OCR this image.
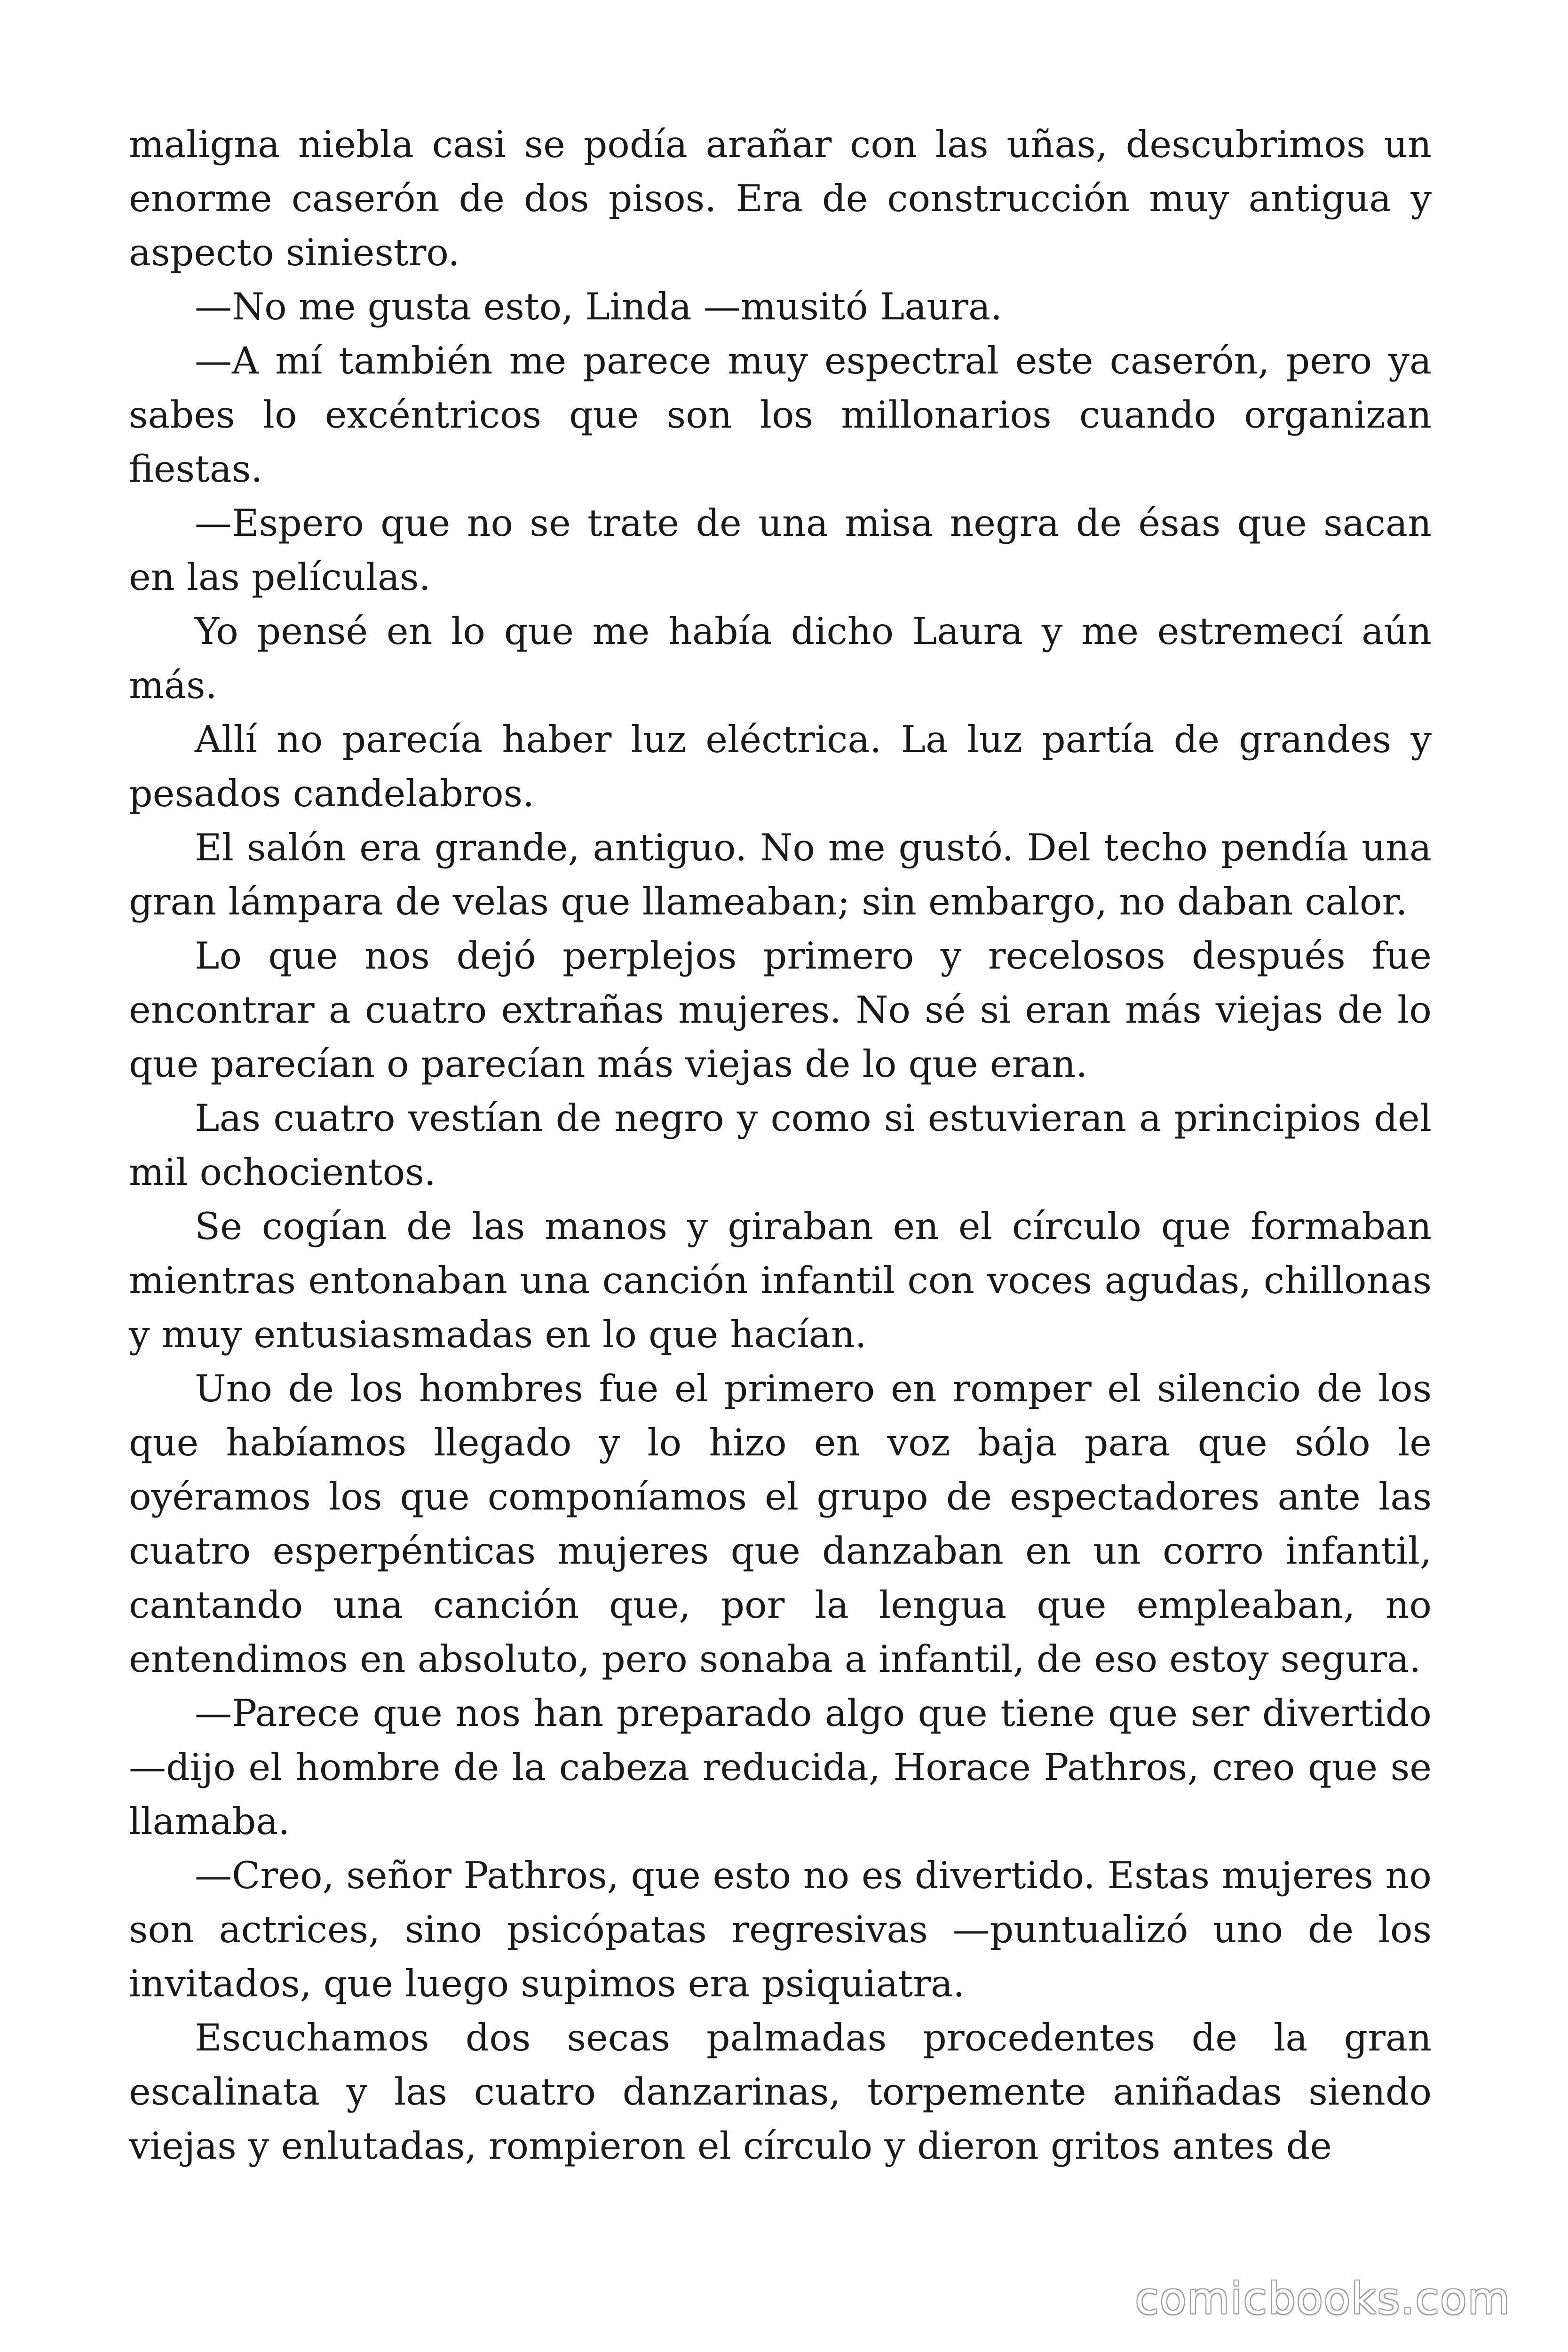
maligna niebla casi se podía arañar con las uñas, descubrimos un enorme caserón de dos pisos. Era de construcción muy antigua y aspecto siniestro.

—No me gusta esto, Linda —musitó Laura.

—A mí también me parece muy espectral este caserón, pero ya sabes lo excéntricos que son los millonarios cuando organizan fiestas.

—Espero que no se trate de una misa negra de ésas que sacan en las películas.

Yo pensé en lo que me había dicho Laura y me estremecí aún más.

Allí no parecía haber luz eléctrica. La luz partía de grandes y pesados candelabros.

El salón era grande, antiguo. No me gustó. Del techo pendía una gran lámpara de velas que llameaban; sin embargo, no daban calor.

Lo que nos dejó perplejos primero y recelosos después fue encontrar a cuatro extrañas mujeres. No sé si eran más viejas de lo que parecían o parecían más viejas de lo que eran.

Las cuatro vestían de negro y como si estuvieran a principios del mil ochocientos.

Se cogían de las manos y giraban en el círculo que formaban mientras entonaban una canción infantil con voces agudas, chillonas y muy entusiasmadas en lo que hacían.

Uno de los hombres fue el primero en romper el silencio de los que habíamos llegado y lo hizo en voz baja para que sólo le oyéramos los que componíamos el grupo de espectadores ante las cuatro esperpénticas mujeres que danzaban en un corro infantil, cantando una canción que, por la lengua que empleaban, no entendimos en absoluto, pero sonaba a infantil, de eso estoy segura.

—Parece que nos han preparado algo que tiene que ser divertido —dijo el hombre de la cabeza reducida, Horace Pathros, creo que se llamaba.

—Creo, señor Pathros, que esto no es divertido. Estas mujeres no son actrices, sino psicópatas regresivas —puntualizó uno de los invitados, que luego supimos era psiquiatra.

Escuchamos dos secas palmadas procedentes de la gran escalinata y las cuatro danzarinas, torpemente aniñadas siendo viejas y enlutadas, rompieron el círculo y dieron gritos antes de

comicbooks.com
